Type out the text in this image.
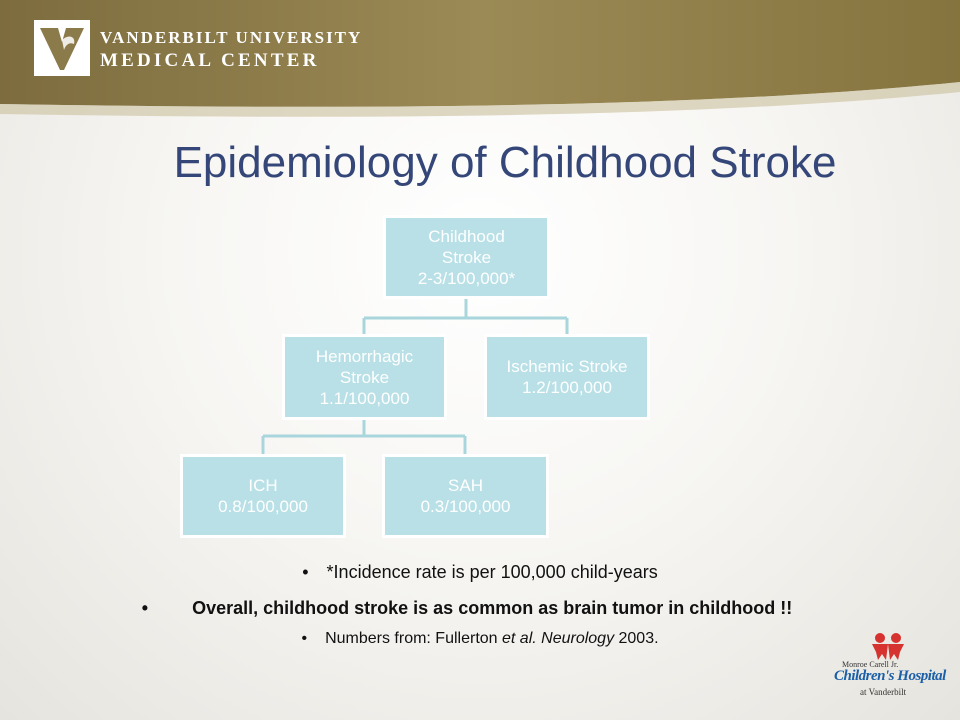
VANDERBILT UNIVERSITY
MEDICAL CENTER
Epidemiology of Childhood Stroke
Childhood
Stroke
2-3/100,000*
Hemorrhagic
Stroke
1.1/100,000
Ischemic Stroke
1.2/100,000
ICH
0.8/100,000
SAH
0.3/100,000
• *Incidence rate is per 100,000 child-years
• Overall, childhood stroke is as common as brain tumor in childhood !!
• Numbers from: Fullerton et al. Neurology 2003.
Monroe Carell Jr.
Children's Hospital
at Vanderbilt
